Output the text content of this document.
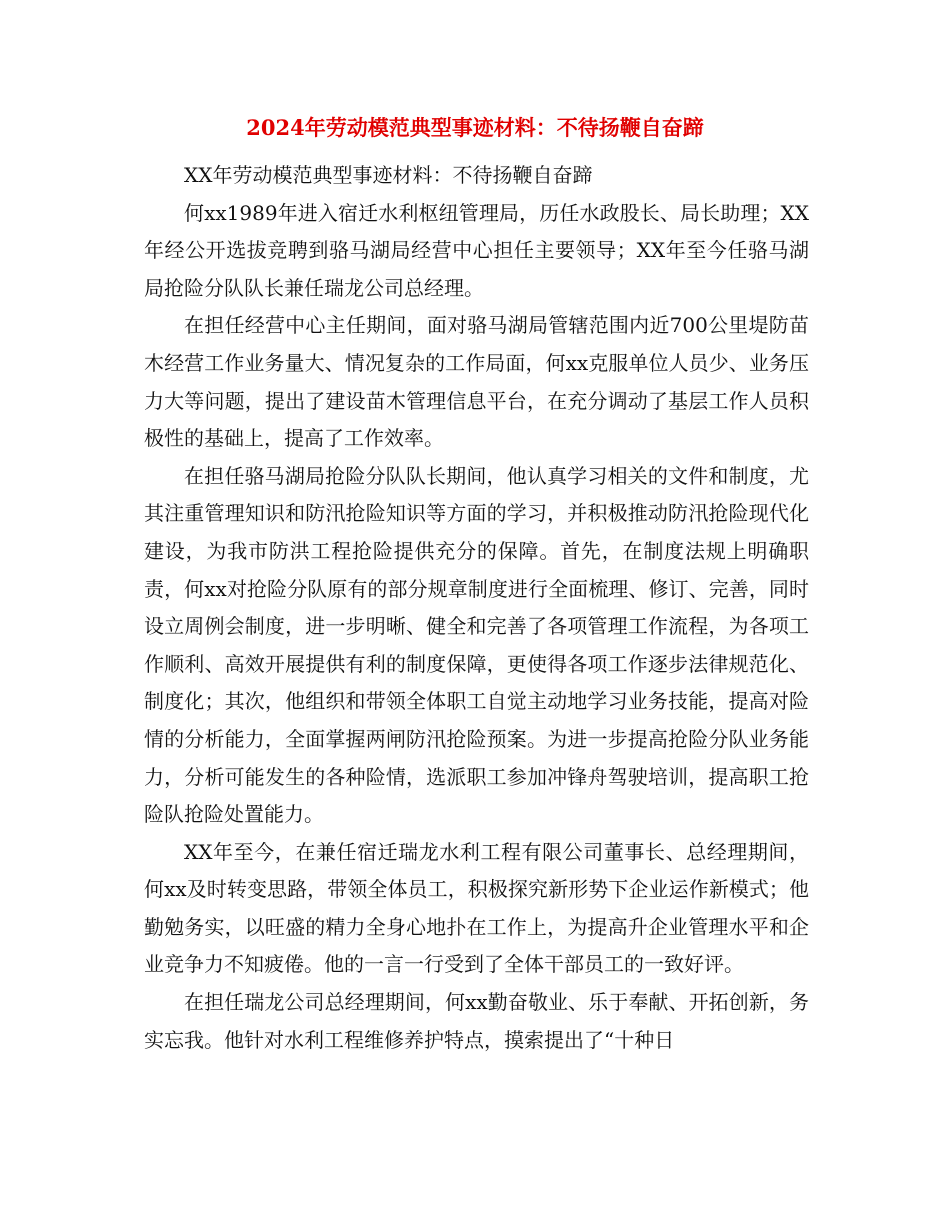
2024年劳动模范典型事迹材料：不待扬鞭自奋蹄

XX年劳动模范典型事迹材料：不待扬鞭自奋蹄

何xx1989年进入宿迁水利枢纽管理局，历任水政股长、局长助理；XX年经公开选拔竞聘到骆马湖局经营中心担任主要领导；XX年至今任骆马湖局抢险分队队长兼任瑞龙公司总经理。

在担任经营中心主任期间，面对骆马湖局管辖范围内近700公里堤防苗木经营工作业务量大、情况复杂的工作局面，何xx克服单位人员少、业务压力大等问题，提出了建设苗木管理信息平台，在充分调动了基层工作人员积极性的基础上，提高了工作效率。

在担任骆马湖局抢险分队队长期间，他认真学习相关的文件和制度，尤其注重管理知识和防汛抢险知识等方面的学习，并积极推动防汛抢险现代化建设，为我市防洪工程抢险提供充分的保障。首先，在制度法规上明确职责，何xx对抢险分队原有的部分规章制度进行全面梳理、修订、完善，同时设立周例会制度，进一步明晰、健全和完善了各项管理工作流程，为各项工作顺利、高效开展提供有利的制度保障，更使得各项工作逐步法律规范化、制度化；其次，他组织和带领全体职工自觉主动地学习业务技能，提高对险情的分析能力，全面掌握两闸防汛抢险预案。为进一步提高抢险分队业务能力，分析可能发生的各种险情，选派职工参加冲锋舟驾驶培训，提高职工抢险队抢险处置能力。

XX年至今，在兼任宿迁瑞龙水利工程有限公司董事长、总经理期间，何xx及时转变思路，带领全体员工，积极探究新形势下企业运作新模式；他勤勉务实，以旺盛的精力全身心地扑在工作上，为提高升企业管理水平和企业竞争力不知疲倦。他的一言一行受到了全体干部员工的一致好评。

在担任瑞龙公司总经理期间，何xx勤奋敬业、乐于奉献、开拓创新，务实忘我。他针对水利工程维修养护特点，摸索提出了“十种日
